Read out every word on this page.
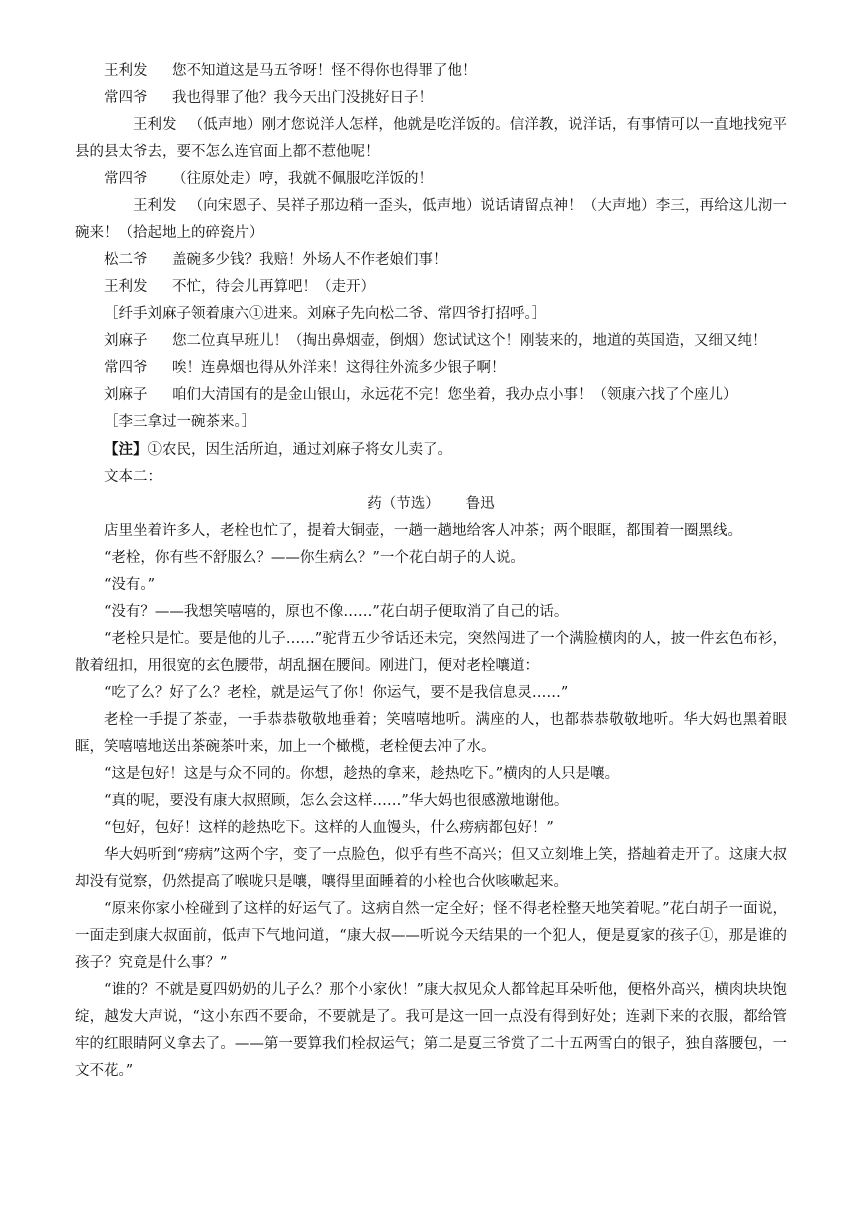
王利发 您不知道这是马五爷呀！怪不得你也得罪了他！

常四爷 我也得罪了他？我今天出门没挑好日子！

王利发 （低声地）刚才您说洋人怎样，他就是吃洋饭的。信洋教，说洋话，有事情可以一直地找宛平县的县太爷去，要不怎么连官面上都不惹他呢！

常四爷 （往原处走）哼，我就不佩服吃洋饭的！

王利发 （向宋恩子、吴祥子那边稍一歪头，低声地）说话请留点神！（大声地）李三，再给这儿沏一碗来！（拾起地上的碎瓷片）

松二爷 盖碗多少钱？我赔！外场人不作老娘们事！

王利发 不忙，待会儿再算吧！（走开）

［纤手刘麻子领着康六①进来。刘麻子先向松二爷、常四爷打招呼。］

刘麻子 您二位真早班儿！（掏出鼻烟壶，倒烟）您试试这个！刚装来的，地道的英国造，又细又纯！

常四爷 唉！连鼻烟也得从外洋来！这得往外流多少银子啊！

刘麻子 咱们大清国有的是金山银山，永远花不完！您坐着，我办点小事！（领康六找了个座儿）

［李三拿过一碗茶来。］

【注】①农民，因生活所迫，通过刘麻子将女儿卖了。

文本二：

药（节选） 鲁迅

店里坐着许多人，老栓也忙了，提着大铜壶，一趟一趟地给客人冲茶；两个眼眶，都围着一圈黑线。

“老栓，你有些不舒服么？——你生病么？”一个花白胡子的人说。

“没有。”

“没有？——我想笑嘻嘻的，原也不像……”花白胡子便取消了自己的话。

“老栓只是忙。要是他的儿子……”驼背五少爷话还未完，突然闯进了一个满脸横肉的人，披一件玄色布衫，散着纽扣，用很宽的玄色腰带，胡乱捆在腰间。刚进门，便对老栓嚷道：

“吃了么？好了么？老栓，就是运气了你！你运气，要不是我信息灵……”

老栓一手提了茶壶，一手恭恭敬敬地垂着；笑嘻嘻地听。满座的人，也都恭恭敬敬地听。华大妈也黑着眼眶，笑嘻嘻地送出茶碗茶叶来，加上一个橄榄，老栓便去冲了水。

“这是包好！这是与众不同的。你想，趁热的拿来，趁热吃下。”横肉的人只是嚷。

“真的呢，要没有康大叔照顾，怎么会这样……”华大妈也很感激地谢他。

“包好，包好！这样的趁热吃下。这样的人血馒头，什么痨病都包好！”

华大妈听到“痨病”这两个字，变了一点脸色，似乎有些不高兴；但又立刻堆上笑，搭赸着走开了。这康大叔却没有觉察，仍然提高了喉咙只是嚷，嚷得里面睡着的小栓也合伙咳嗽起来。

“原来你家小栓碰到了这样的好运气了。这病自然一定全好；怪不得老栓整天地笑着呢。”花白胡子一面说，一面走到康大叔面前，低声下气地问道，“康大叔——听说今天结果的一个犯人，便是夏家的孩子①，那是谁的孩子？究竟是什么事？”

“谁的？不就是夏四奶奶的儿子么？那个小家伙！”康大叔见众人都耸起耳朵听他，便格外高兴，横肉块块饱绽，越发大声说，“这小东西不要命，不要就是了。我可是这一回一点没有得到好处；连剥下来的衣服，都给管牢的红眼睛阿义拿去了。——第一要算我们栓叔运气；第二是夏三爷赏了二十五两雪白的银子，独自落腰包，一文不花。”
